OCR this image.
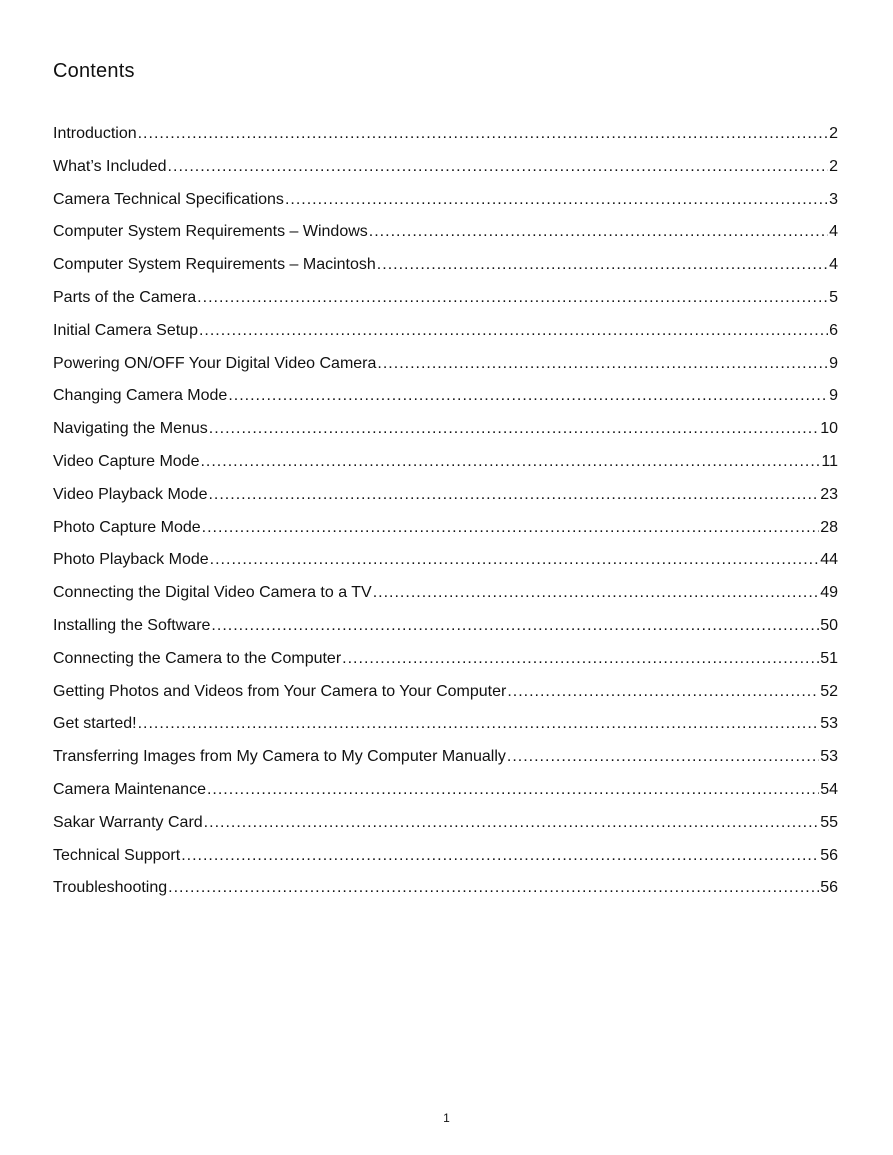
Contents
Introduction .....	2
What’s Included .....	2
Camera Technical Specifications .....	3
Computer System Requirements – Windows .....	4
Computer System Requirements – Macintosh .....	4
Parts of the Camera .....	5
Initial Camera Setup .....	6
Powering ON/OFF Your Digital Video Camera .....	9
Changing Camera Mode .....	9
Navigating the Menus .....	10
Video Capture Mode .....	11
Video Playback Mode .....	23
Photo Capture Mode .....	28
Photo Playback Mode .....	44
Connecting the Digital Video Camera to a TV .....	49
Installing the Software .....	50
Connecting the Camera to the Computer .....	51
Getting Photos and Videos from Your Camera to Your Computer .....	52
Get started! .....	53
Transferring Images from My Camera to My Computer Manually .....	53
Camera Maintenance .....	54
Sakar Warranty Card .....	55
Technical Support .....	56
Troubleshooting .....	56
1
